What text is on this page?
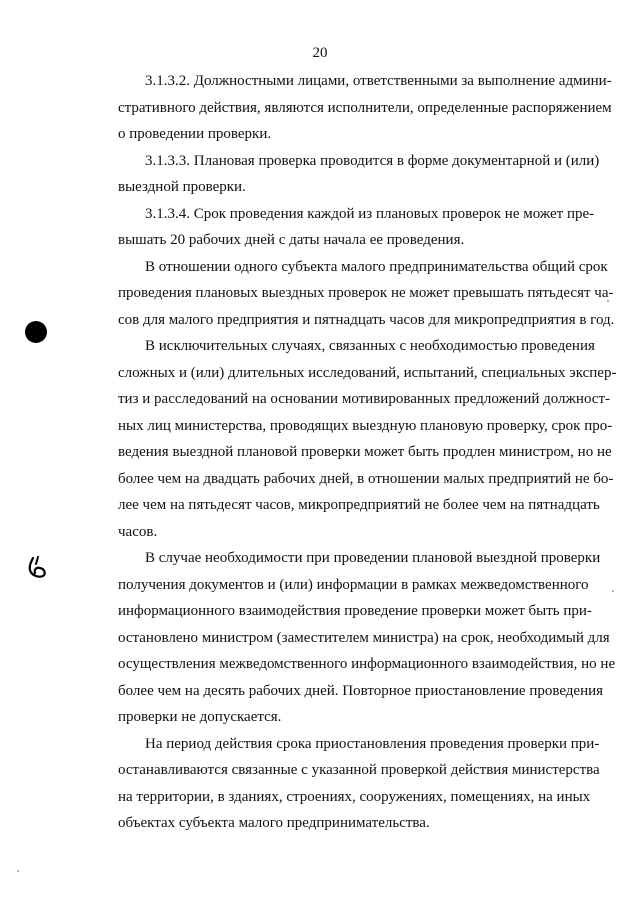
20

3.1.3.2. Должностными лицами, ответственными за выполнение админи-
стративного действия, являются исполнители, определенные распоряжением
о проведении проверки.

3.1.3.3. Плановая проверка проводится в форме документарной и (или)
выездной проверки.

3.1.3.4. Срок проведения каждой из плановых проверок не может пре-
вышать 20 рабочих дней с даты начала ее проведения.

В отношении одного субъекта малого предпринимательства общий срок
проведения плановых выездных проверок не может превышать пятьдесят ча-
сов для малого предприятия и пятнадцать часов для микропредприятия в год.

В исключительных случаях, связанных с необходимостью проведения
сложных и (или) длительных исследований, испытаний, специальных экспер-
тиз и расследований на основании мотивированных предложений должност-
ных лиц министерства, проводящих выездную плановую проверку, срок про-
ведения выездной плановой проверки может быть продлен министром, но не
более чем на двадцать рабочих дней, в отношении малых предприятий не бо-
лее чем на пятьдесят часов, микропредприятий не более чем на пятнадцать
часов.

В случае необходимости при проведении плановой выездной проверки
получения документов и (или) информации в рамках межведомственного
информационного взаимодействия проведение проверки может быть при-
остановлено министром (заместителем министра) на срок, необходимый для
осуществления межведомственного информационного взаимодействия, но не
более чем на десять рабочих дней. Повторное приостановление проведения
проверки не допускается.

На период действия срока приостановления проведения проверки при-
останавливаются связанные с указанной проверкой действия министерства
на территории, в зданиях, строениях, сооружениях, помещениях, на иных
объектах субъекта малого предпринимательства.
